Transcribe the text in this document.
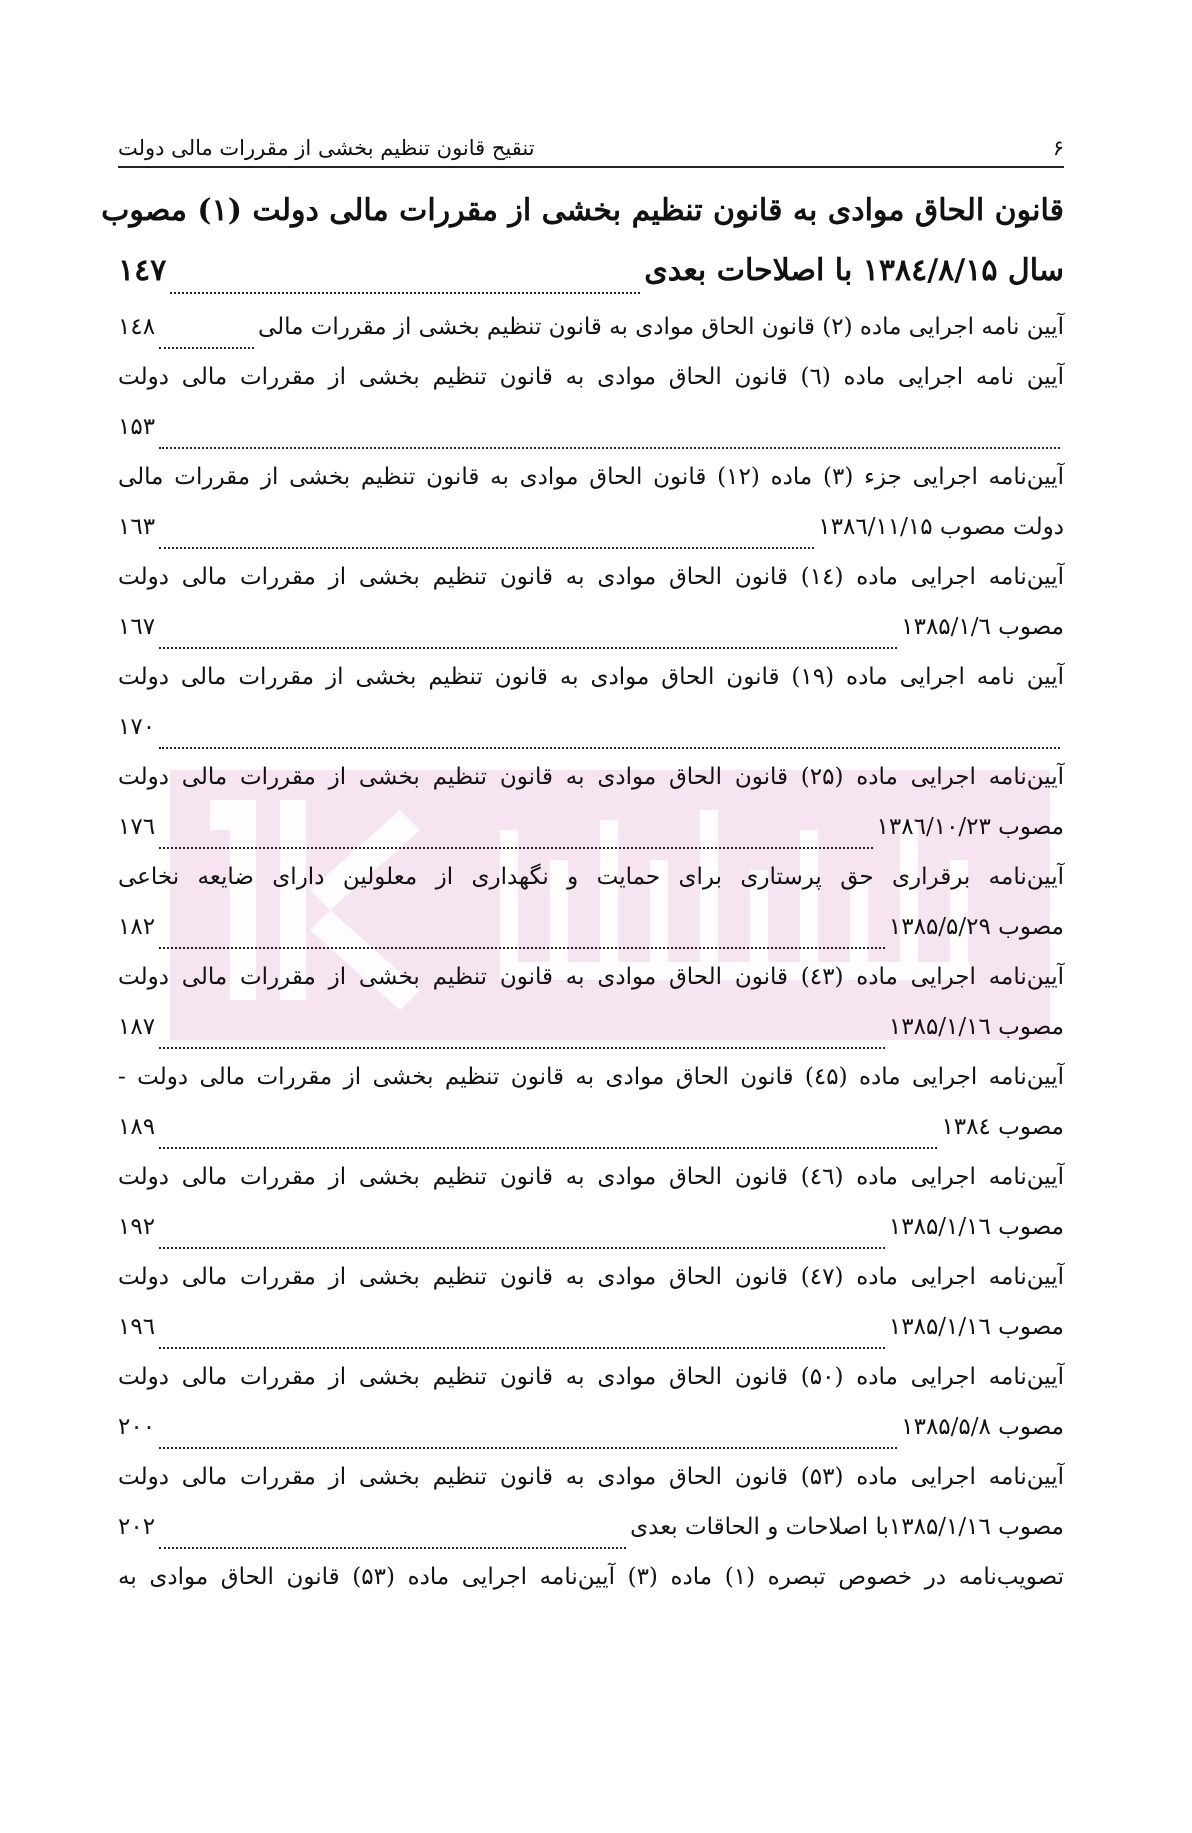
۶
تنقیح قانون تنظیم بخشی از مقررات مالی دولت
قانون الحاق موادی به قانون تنظیم بخشی از مقررات مالی دولت (۱) مصوب
سال ۱۳۸٤/۸/۱۵ با اصلاحات بعدی
۱٤۷
آیین نامه اجرایی ماده (۲) قانون الحاق موادی به قانون تنظیم بخشی از مقررات مالی
۱٤۸
آیین نامه اجرایی ماده (٦) قانون الحاق موادی به قانون تنظیم بخشی از مقررات مالی دولت
۱۵۳
آیین‌نامه اجرایی جزء (۳) ماده (۱۲) قانون الحاق موادی به قانون تنظیم بخشی از مقررات مالی
دولت مصوب ۱۳۸٦/۱۱/۱۵
۱٦۳
آیین‌نامه اجرایی ماده (۱٤) قانون الحاق موادی به قانون تنظیم بخشی از مقررات مالی دولت
مصوب ۱۳۸۵/۱/٦
۱٦۷
آیین نامه اجرایی ماده (۱۹) قانون الحاق موادی به قانون تنظیم بخشی از مقررات مالی دولت
۱۷۰
آیین‌نامه اجرایی ماده (۲۵) قانون الحاق موادی به قانون تنظیم بخشی از مقررات مالی دولت
مصوب ۱۳۸٦/۱۰/۲۳
۱۷٦
آیین‌نامه برقراری حق پرستاری برای حمایت و نگهداری از معلولین دارای ضایعه نخاعی
مصوب ۱۳۸۵/۵/۲۹
۱۸۲
آیین‌نامه اجرایی ماده (٤۳) قانون الحاق موادی به قانون تنظیم بخشی از مقررات مالی دولت
مصوب ۱۳۸۵/۱/۱٦
۱۸۷
آیین‌نامه اجرایی ماده (٤۵) قانون الحاق موادی به قانون تنظیم بخشی از مقررات مالی دولت -
مصوب ۱۳۸٤
۱۸۹
آیین‌نامه اجرایی ماده (٤٦) قانون الحاق موادی به قانون تنظیم بخشی از مقررات مالی دولت
مصوب ۱۳۸۵/۱/۱٦
۱۹۲
آیین‌نامه اجرایی ماده (٤۷) قانون الحاق موادی به قانون تنظیم بخشی از مقررات مالی دولت
مصوب ۱۳۸۵/۱/۱٦
۱۹٦
آیین‌نامه اجرایی ماده (۵۰) قانون الحاق موادی به قانون تنظیم بخشی از مقررات مالی دولت
مصوب ۱۳۸۵/۵/۸
۲۰۰
آیین‌نامه اجرایی ماده (۵۳) قانون الحاق موادی به قانون تنظیم بخشی از مقررات مالی دولت
مصوب ۱۳۸۵/۱/۱٦با اصلاحات و الحاقات بعدی
۲۰۲
تصویب‌نامه در خصوص تبصره (۱) ماده (۳) آیین‌نامه اجرایی ماده (۵۳) قانون الحاق موادی به
